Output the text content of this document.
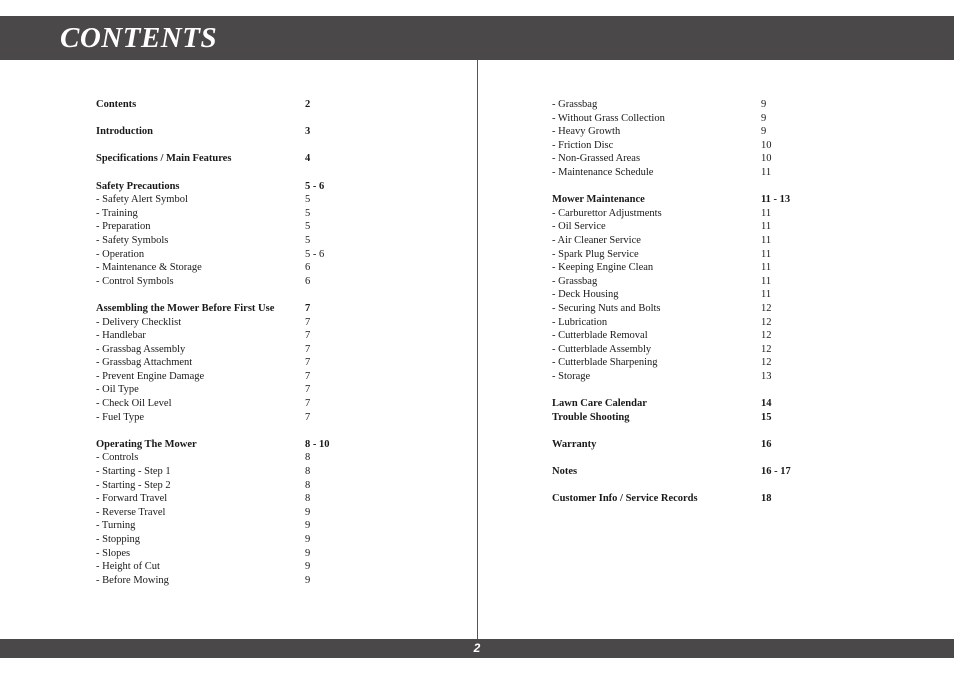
CONTENTS
Contents	2
Introduction	3
Specifications / Main Features	4
Safety Precautions	5 - 6
- Safety Alert Symbol	5
- Training	5
- Preparation	5
- Safety Symbols	5
- Operation	5 - 6
- Maintenance & Storage	6
- Control Symbols	6
Assembling the Mower Before First Use	7
- Delivery Checklist	7
- Handlebar	7
- Grassbag Assembly	7
- Grassbag Attachment	7
- Prevent Engine Damage	7
- Oil Type	7
- Check Oil Level	7
- Fuel Type	7
Operating The Mower	8 - 10
- Controls	8
- Starting - Step 1	8
- Starting - Step 2	8
- Forward Travel	8
- Reverse Travel	9
- Turning	9
- Stopping	9
- Slopes	9
- Height of Cut	9
- Before Mowing	9
- Grassbag	9
- Without Grass Collection	9
- Heavy Growth	9
- Friction Disc	10
- Non-Grassed Areas	10
- Maintenance Schedule	11
Mower Maintenance	11 - 13
- Carburettor Adjustments	11
- Oil Service	11
- Air Cleaner Service	11
- Spark Plug Service	11
- Keeping Engine Clean	11
- Grassbag	11
- Deck Housing	11
- Securing Nuts and Bolts	12
- Lubrication	12
- Cutterblade Removal	12
- Cutterblade Assembly	12
- Cutterblade Sharpening	12
- Storage	13
Lawn Care Calendar	14
Trouble Shooting	15
Warranty	16
Notes	16 - 17
Customer Info / Service Records	18
2
